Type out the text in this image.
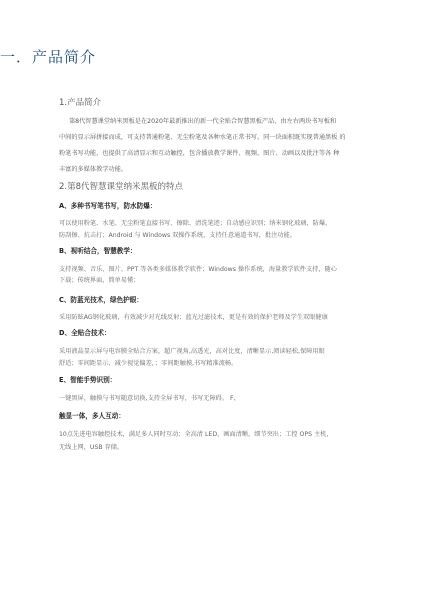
一．产品简介
1.产品简介
第8代智慧课堂纳米黑板是在2020年最新推出的新一代全贴合智慧黑板产品，由左右两块书写板和
中间的显示屏拼接而成，可支持普通粉笔、无尘粉笔及各种水笔正常书写。同一块面积既实现普通黑板 的
粉笔书写功能，也提供了高清显示和互动触控，包含播放教学课件、视频、图片、动画以及批注等各 种
丰富的多媒体教学功能。
2.第8代智慧课堂纳米黑板的特点
A、多种书写笔书写，防水防爆：
可以使用粉笔、水笔、无尘粉笔直接书写、擦除、清洗笔迹；自动感应识别；纳米钢化玻璃，防爆、
防刮擦、抗击打；Android 与 Windows 双操作系统，支持任意通道书写，批注功能。
B、视听结合，智慧教学：
支持视频、音乐、图片、PPT 等各类多媒体教学软件；Windows 操作系统，海量教学软件支持，随心
下载；传统界面，简单易懂；
C、防蓝光技术，绿色护眼：
采用防眩AG钢化玻璃，有效减少对光线反射；蓝光过滤技术，更是有效的保护老师及学生双眼健康
D、全贴合技术：
采用液晶显示屏与电容膜全贴合方案，超广视角,高透光，高对比度，清晰显示,阅读轻松,保障用眼
舒适；零间距显示，减少视觉偏差，；零间距触摸,书写精准流畅。
E、智能手势识别：
一键黑屏，触摸与书写随意切换,支持全屏书写，书写无障碍。 F、
触显一体，多人互动：
10点先进电容触控技术，满足多人同时互动；全高清 LED，画面清晰，细节突出；工控 OPS 主机，
无线上网，USB 存储。
